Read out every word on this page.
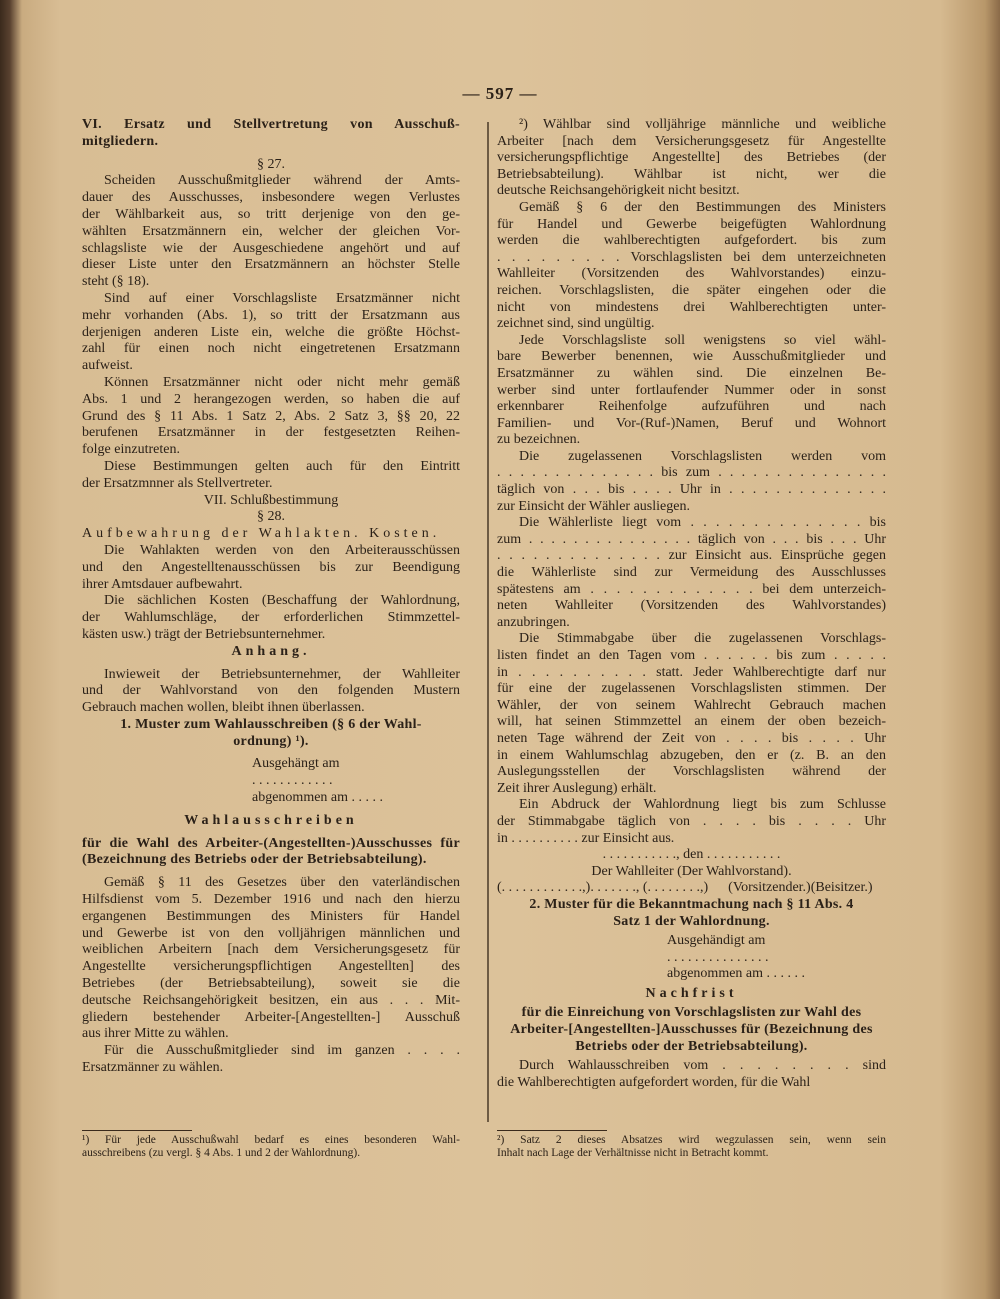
— 597 —
VI. Ersatz und Stellvertretung von Ausschuß-
mitgliedern.
§ 27.
Scheiden Ausschußmitglieder während der Amts-
dauer des Ausschusses, insbesondere wegen Verlustes
der Wählbarkeit aus, so tritt derjenige von den ge-
wählten Ersatzmännern ein, welcher der gleichen Vor-
schlagsliste wie der Ausgeschiedene angehört und auf
dieser Liste unter den Ersatzmännern an höchster Stelle
steht (§ 18).
Sind auf einer Vorschlagsliste Ersatzmänner nicht
mehr vorhanden (Abs. 1), so tritt der Ersatzmann aus
derjenigen anderen Liste ein, welche die größte Höchst-
zahl für einen noch nicht eingetretenen Ersatzmann
aufweist.
Können Ersatzmänner nicht oder nicht mehr gemäß
Abs. 1 und 2 herangezogen werden, so haben die auf
Grund des § 11 Abs. 1 Satz 2, Abs. 2 Satz 3, §§ 20, 22
berufenen Ersatzmänner in der festgesetzten Reihen-
folge einzutreten.
Diese Bestimmungen gelten auch für den Eintritt
der Ersatzmnner als Stellvertreter.
VII. Schlußbestimmung
§ 28.
Aufbewahrung der Wahlakten. Kosten.
Die Wahlakten werden von den Arbeiterausschüssen
und den Angestelltenausschüssen bis zur Beendigung
ihrer Amtsdauer aufbewahrt.
Die sächlichen Kosten (Beschaffung der Wahlordnung,
der Wahlumschläge, der erforderlichen Stimmzettel-
kästen usw.) trägt der Betriebsunternehmer.
Anhang.
Inwieweit der Betriebsunternehmer, der Wahlleiter
und der Wahlvorstand von den folgenden Mustern
Gebrauch machen wollen, bleibt ihnen überlassen.
1. Muster zum Wahlausschreiben (§ 6 der Wahl-
ordnung) ¹).
Ausgehängt am
. . . . . . . . . . . .
abgenommen am . . . . .
Wahlausschreiben
für die Wahl des Arbeiter-(Angestellten-)Ausschusses für
(Bezeichnung des Betriebs oder der Betriebsabteilung).
Gemäß § 11 des Gesetzes über den vaterländischen
Hilfsdienst vom 5. Dezember 1916 und nach den hierzu
ergangenen Bestimmungen des Ministers für Handel
und Gewerbe ist von den volljährigen männlichen und
weiblichen Arbeitern [nach dem Versicherungsgesetz für
Angestellte versicherungspflichtigen Angestellten] des
Betriebes (der Betriebsabteilung), soweit sie die
deutsche Reichsangehörigkeit besitzen, ein aus . . . Mit-
gliedern bestehender Arbeiter-[Angestellten-] Ausschuß
aus ihrer Mitte zu wählen.
Für die Ausschußmitglieder sind im ganzen . . . .
Ersatzmänner zu wählen.
²) Wählbar sind volljährige männliche und weibliche
Arbeiter [nach dem Versicherungsgesetz für Angestellte
versicherungspflichtige Angestellte] des Betriebes (der
Betriebsabteilung). Wählbar ist nicht, wer die
deutsche Reichsangehörigkeit nicht besitzt.
Gemäß § 6 der den Bestimmungen des Ministers
für Handel und Gewerbe beigefügten Wahlordnung
werden die wahlberechtigten aufgefordert. bis zum
. . . . . . . . . Vorschlagslisten bei dem unterzeichneten
Wahlleiter (Vorsitzenden des Wahlvorstandes) einzu-
reichen. Vorschlagslisten, die später eingehen oder die
nicht von mindestens drei Wahlberechtigten unter-
zeichnet sind, sind ungültig.
Jede Vorschlagsliste soll wenigstens so viel wähl-
bare Bewerber benennen, wie Ausschußmitglieder und
Ersatzmänner zu wählen sind. Die einzelnen Be-
werber sind unter fortlaufender Nummer oder in sonst
erkennbarer Reihenfolge aufzuführen und nach
Familien- und Vor-(Ruf-)Namen, Beruf und Wohnort
zu bezeichnen.
Die zugelassenen Vorschlagslisten werden vom
. . . . . . . . . . . . . . bis zum . . . . . . . . . . . . . . .
täglich von . . . bis . . . . Uhr in . . . . . . . . . . . . . .
zur Einsicht der Wähler ausliegen.
Die Wählerliste liegt vom . . . . . . . . . . . . . . bis
zum . . . . . . . . . . . . . . . täglich von . . . bis . . . Uhr
. . . . . . . . . . . . . . zur Einsicht aus. Einsprüche gegen
die Wählerliste sind zur Vermeidung des Ausschlusses
spätestens am . . . . . . . . . . . . . bei dem unterzeich-
neten Wahlleiter (Vorsitzenden des Wahlvorstandes)
anzubringen.
Die Stimmabgabe über die zugelassenen Vorschlags-
listen findet an den Tagen vom . . . . . . bis zum . . . . .
in . . . . . . . . . . statt. Jeder Wahlberechtigte darf nur
für eine der zugelassenen Vorschlagslisten stimmen. Der
Wähler, der von seinem Wahlrecht Gebrauch machen
will, hat seinen Stimmzettel an einem der oben bezeich-
neten Tage während der Zeit von . . . . bis . . . . Uhr
in einem Wahlumschlag abzugeben, den er (z. B. an den
Auslegungsstellen der Vorschlagslisten während der
Zeit ihrer Auslegung) erhält.
Ein Abdruck der Wahlordnung liegt bis zum Schlusse
der Stimmabgabe täglich von . . . . bis . . . . Uhr
in . . . . . . . . . . zur Einsicht aus.
. . . . . . . . . . ., den . . . . . . . . . . .
Der Wahlleiter (Der Wahlvorstand).
(. . . . . . . . . . . .,) . . . . . . ., (. . . . . . . .,)	(Vorsitzender.) (Beisitzer.)
2. Muster für die Bekanntmachung nach § 11 Abs. 4
Satz 1 der Wahlordnung.
Ausgehändigt am
. . . . . . . . . . . . . . .
abgenommen am . . . . . .
Nachfrist
für die Einreichung von Vorschlagslisten zur Wahl des
Arbeiter-[Angestellten-]Ausschusses für (Bezeichnung des
Betriebs oder der Betriebsabteilung).
Durch Wahlausschreiben vom . . . . . . . . sind
die Wahlberechtigten aufgefordert worden, für die Wahl
¹) Für jede Ausschußwahl bedarf es eines besonderen Wahl-
ausschreibens (zu vergl. § 4 Abs. 1 und 2 der Wahlordnung).
²) Satz 2 dieses Absatzes wird wegzulassen sein, wenn sein
Inhalt nach Lage der Verhältnisse nicht in Betracht kommt.
